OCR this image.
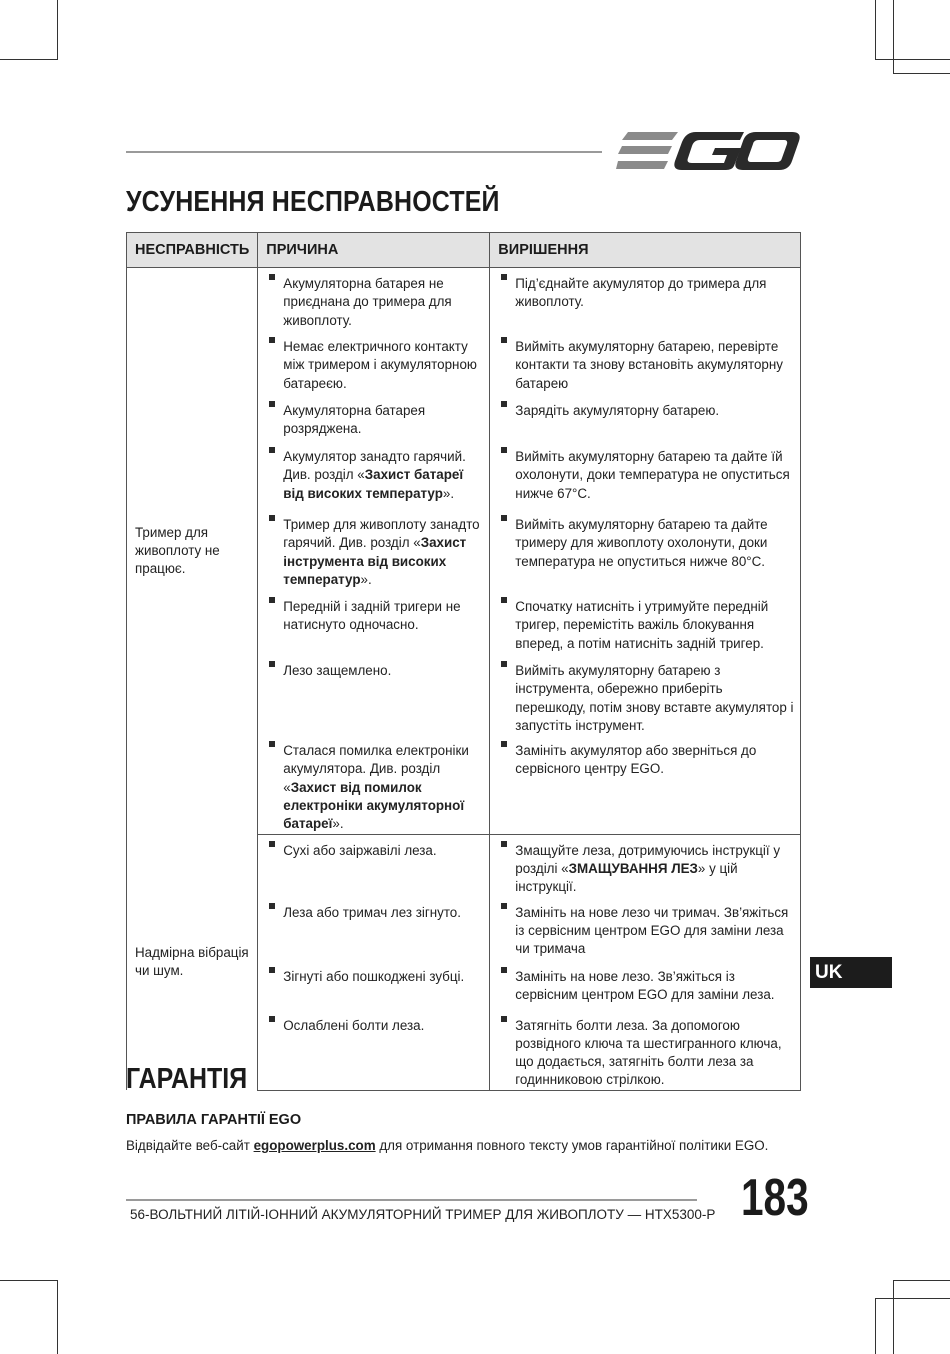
УСУНЕННЯ НЕСПРАВНОСТЕЙ
НЕСПРАВНІСТЬ	ПРИЧИНА	ВИРІШЕННЯ
Тример для живоплоту не працює.	Акумуляторна батарея не приєднана до тримера для живоплоту.	Під’єднайте акумулятор до тримера для живоплоту.

Немає електричного контакту між тримером і акумуляторною батареєю.	Вийміть акумуляторну батарею, перевірте контакти та знову встановіть акумуляторну батарею

Акумуляторна батарея розряджена.	Зарядіть акумуляторну батарею.

Акумулятор занадто гарячий. Див. розділ «Захист батареї від високих температур».	Вийміть акумуляторну батарею та дайте їй охолонути, доки температура не опуститься нижче 67°C.

Тример для живоплоту занадто гарячий. Див. розділ «Захист інструмента від високих температур».	Вийміть акумуляторну батарею та дайте тримеру для живоплоту охолонути, доки температура не опуститься нижче 80°C.

Передній і задній тригери не натиснуто одночасно.	Спочатку натисніть і утримуйте передній тригер, перемістіть важіль блокування вперед, а потім натисніть задній тригер.

Лезо защемлено.	Вийміть акумуляторну батарею з інструмента, обережно приберіть перешкоду, потім знову вставте акумулятор і запустіть інструмент.

Сталася помилка електроніки акумулятора. Див. розділ «Захист від помилок електроніки акумуляторної батареї».	Замініть акумулятор або зверніться до сервісного центру EGO.

Надмірна вібрація чи шум.	Сухі або заіржавілі леза.	Змащуйте леза, дотримуючись інструкції у розділі «ЗМАЩУВАННЯ ЛЕЗ» у цій інструкції.

Леза або тримач лез зігнуто.	Замініть на нове лезо чи тримач. Зв’яжіться із сервісним центром EGO для заміни леза чи тримача

Зігнуті або пошкоджені зубці.	Замініть на нове лезо. Зв’яжіться із сервісним центром EGO для заміни леза.

Ослаблені болти леза.	Затягніть болти леза. За допомогою розвідного ключа та шестигранного ключа, що додається, затягніть болти леза за годинниковою стрілкою.
ГАРАНТІЯ
ПРАВИЛА ГАРАНТІЇ EGO
Відвідайте веб-сайт egopowerplus.com для отримання повного тексту умов гарантійної політики EGO.
UK
56-ВОЛЬТНИЙ ЛІТІЙ-ІОННИЙ АКУМУЛЯТОРНИЙ ТРИМЕР ДЛЯ ЖИВОПЛОТУ — HTX5300-P 183
